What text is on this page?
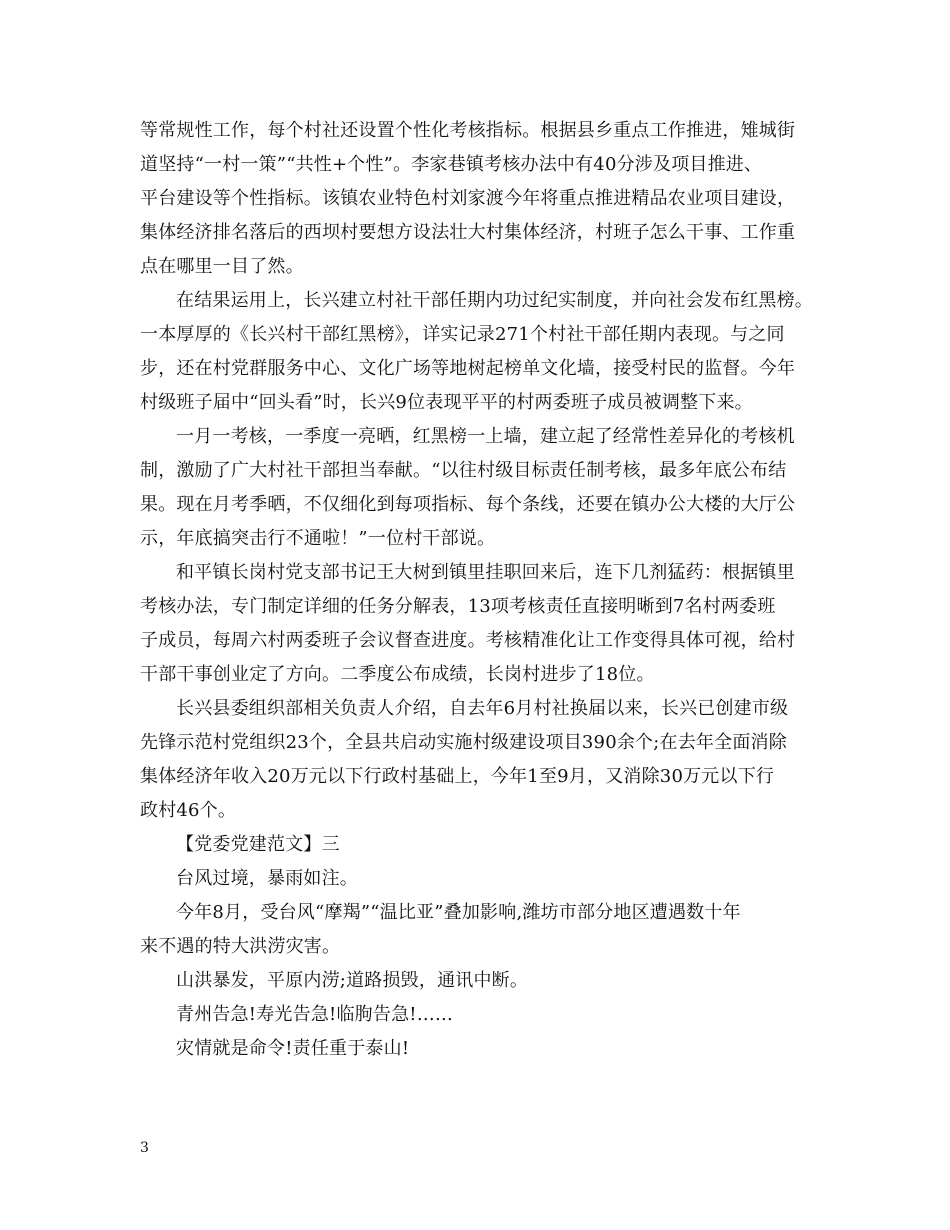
等常规性工作，每个村社还设置个性化考核指标。根据县乡重点工作推进，雉城街
道坚持“一村一策”“共性+个性”。李家巷镇考核办法中有40分涉及项目推进、
平台建设等个性指标。该镇农业特色村刘家渡今年将重点推进精品农业项目建设，
集体经济排名落后的西坝村要想方设法壮大村集体经济，村班子怎么干事、工作重
点在哪里一目了然。
在结果运用上，长兴建立村社干部任期内功过纪实制度，并向社会发布红黑榜。
一本厚厚的《长兴村干部红黑榜》，详实记录271个村社干部任期内表现。与之同
步，还在村党群服务中心、文化广场等地树起榜单文化墙，接受村民的监督。今年
村级班子届中“回头看”时，长兴9位表现平平的村两委班子成员被调整下来。
一月一考核，一季度一亮晒，红黑榜一上墙，建立起了经常性差异化的考核机
制，激励了广大村社干部担当奉献。“以往村级目标责任制考核，最多年底公布结
果。现在月考季晒，不仅细化到每项指标、每个条线，还要在镇办公大楼的大厅公
示，年底搞突击行不通啦！”一位村干部说。
和平镇长岗村党支部书记王大树到镇里挂职回来后，连下几剂猛药：根据镇里
考核办法，专门制定详细的任务分解表，13项考核责任直接明晰到7名村两委班
子成员，每周六村两委班子会议督查进度。考核精准化让工作变得具体可视，给村
干部干事创业定了方向。二季度公布成绩，长岗村进步了18位。
长兴县委组织部相关负责人介绍，自去年6月村社换届以来，长兴已创建市级
先锋示范村党组织23个，全县共启动实施村级建设项目390余个;在去年全面消除
集体经济年收入20万元以下行政村基础上，今年1至9月，又消除30万元以下行
政村46个。
【党委党建范文】三
台风过境，暴雨如注。
今年8月，受台风“摩羯”“温比亚”叠加影响,潍坊市部分地区遭遇数十年
来不遇的特大洪涝灾害。
山洪暴发，平原内涝;道路损毁，通讯中断。
青州告急!寿光告急!临朐告急!……
灾情就是命令!责任重于泰山!
3
